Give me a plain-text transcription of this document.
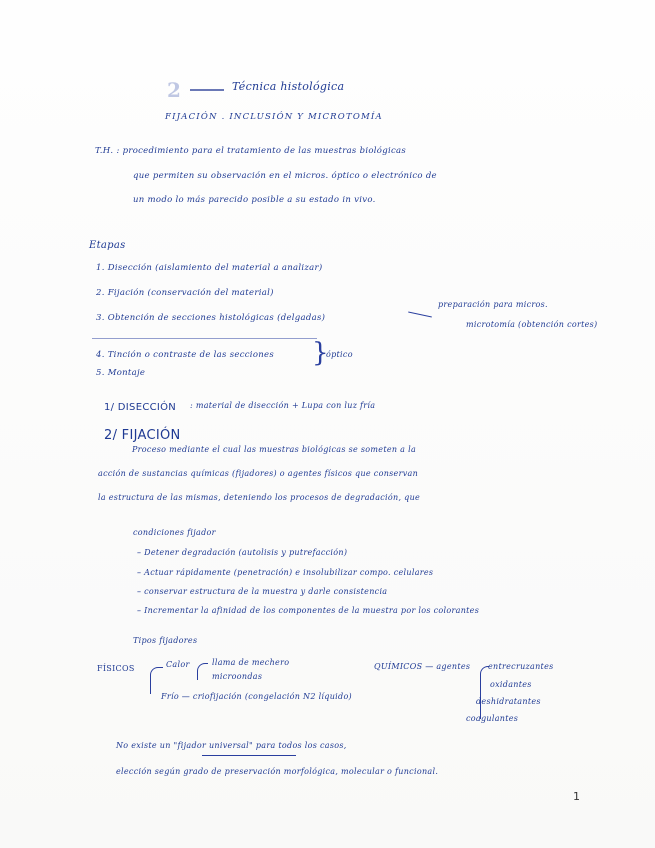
2	Técnica histológica
FIJACIÓN . INCLUSIÓN Y MICROTOMÍA
T.H. : procedimiento para el tratamiento de las muestras biológicas
que permiten su observación en el micros. óptico o electrónico de
un modo lo más parecido posible a su estado in vivo.
Etapas
1. Disección (aislamiento del material a analizar)
2. Fijación (conservación del material)
3. Obtención de secciones histológicas (delgadas)
preparación para micros.
microtomía (obtención cortes)
4. Tinción o contraste de las secciones }
óptico
5. Montaje
1/ DISECCIÓN : material de disección + Lupa con luz fría
2/ FIJACIÓN
Proceso mediante el cual las muestras biológicas se someten a la
acción de sustancias químicas (fijadores) o agentes físicos que conservan
la estructura de las mismas, deteniendo los procesos de degradación, que
condiciones fijador
– Detener degradación (autolisis y putrefacción)
– Actuar rápidamente (penetración) e insolubilizar compo. celulares
– conservar estructura de la muestra y darle consistencia
– Incrementar la afinidad de los componentes de la muestra por los colorantes
Tipos fijadores
FÍSICOS	Calor	llama de mechero
microondas
Frío — criofijación (congelación N2 líquido)
QUÍMICOS — agentes entrecruzantes
oxidantes
deshidratantes
coagulantes
No existe un "fijador universal" para todos los casos,
elección según grado de preservación morfológica, molecular o funcional.
1
